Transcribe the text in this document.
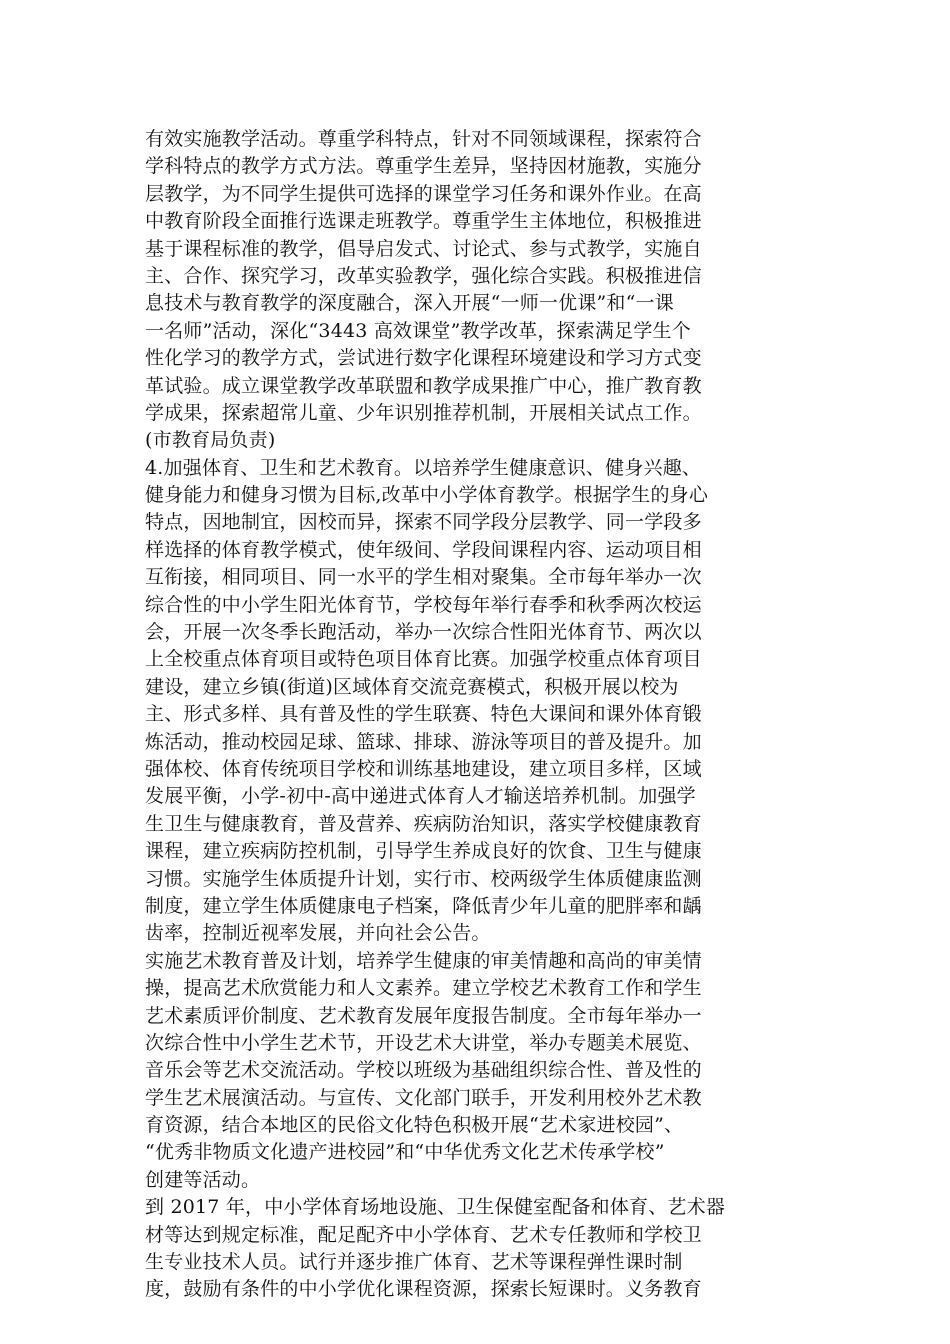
有效实施教学活动。尊重学科特点，针对不同领域课程，探索符合
学科特点的教学方式方法。尊重学生差异，坚持因材施教，实施分
层教学，为不同学生提供可选择的课堂学习任务和课外作业。在高
中教育阶段全面推行选课走班教学。尊重学生主体地位，积极推进
基于课程标准的教学，倡导启发式、讨论式、参与式教学，实施自
主、合作、探究学习，改革实验教学，强化综合实践。积极推进信
息技术与教育教学的深度融合，深入开展“一师一优课”和“一课
一名师”活动，深化“3443 高效课堂”教学改革，探索满足学生个
性化学习的教学方式，尝试进行数字化课程环境建设和学习方式变
革试验。成立课堂教学改革联盟和教学成果推广中心，推广教育教
学成果，探索超常儿童、少年识别推荐机制，开展相关试点工作。
(市教育局负责)
4.加强体育、卫生和艺术教育。以培养学生健康意识、健身兴趣、
健身能力和健身习惯为目标,改革中小学体育教学。根据学生的身心
特点，因地制宜，因校而异，探索不同学段分层教学、同一学段多
样选择的体育教学模式，使年级间、学段间课程内容、运动项目相
互衔接，相同项目、同一水平的学生相对聚集。全市每年举办一次
综合性的中小学生阳光体育节，学校每年举行春季和秋季两次校运
会，开展一次冬季长跑活动，举办一次综合性阳光体育节、两次以
上全校重点体育项目或特色项目体育比赛。加强学校重点体育项目
建设，建立乡镇(街道)区域体育交流竞赛模式，积极开展以校为
主、形式多样、具有普及性的学生联赛、特色大课间和课外体育锻
炼活动，推动校园足球、篮球、排球、游泳等项目的普及提升。加
强体校、体育传统项目学校和训练基地建设，建立项目多样，区域
发展平衡，小学-初中-高中递进式体育人才输送培养机制。加强学
生卫生与健康教育，普及营养、疾病防治知识，落实学校健康教育
课程，建立疾病防控机制，引导学生养成良好的饮食、卫生与健康
习惯。实施学生体质提升计划，实行市、校两级学生体质健康监测
制度，建立学生体质健康电子档案，降低青少年儿童的肥胖率和龋
齿率，控制近视率发展，并向社会公告。
实施艺术教育普及计划，培养学生健康的审美情趣和高尚的审美情
操，提高艺术欣赏能力和人文素养。建立学校艺术教育工作和学生
艺术素质评价制度、艺术教育发展年度报告制度。全市每年举办一
次综合性中小学生艺术节，开设艺术大讲堂，举办专题美术展览、
音乐会等艺术交流活动。学校以班级为基础组织综合性、普及性的
学生艺术展演活动。与宣传、文化部门联手，开发利用校外艺术教
育资源，结合本地区的民俗文化特色积极开展“艺术家进校园”、
“优秀非物质文化遗产进校园”和“中华优秀文化艺术传承学校”
创建等活动。
到 2017 年，中小学体育场地设施、卫生保健室配备和体育、艺术器
材等达到规定标准，配足配齐中小学体育、艺术专任教师和学校卫
生专业技术人员。试行并逐步推广体育、艺术等课程弹性课时制
度，鼓励有条件的中小学优化课程资源，探索长短课时。义务教育
